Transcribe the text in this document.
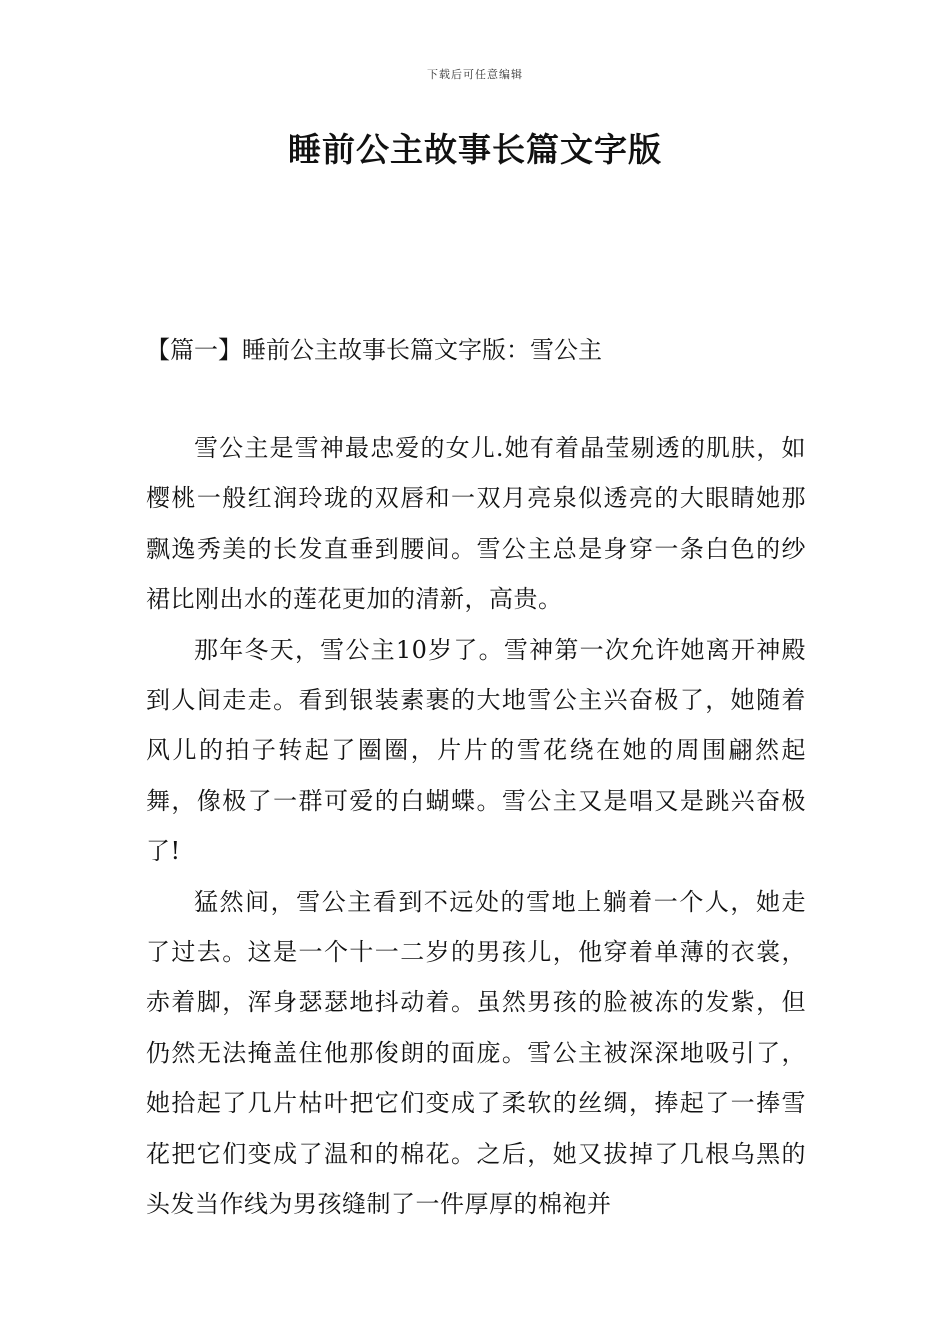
下载后可任意编辑
睡前公主故事长篇文字版

【篇一】睡前公主故事长篇文字版：雪公主

雪公主是雪神最忠爱的女儿.她有着晶莹剔透的肌肤，如樱桃一般红润玲珑的双唇和一双月亮泉似透亮的大眼睛她那飘逸秀美的长发直垂到腰间。雪公主总是身穿一条白色的纱裙比刚出水的莲花更加的清新，高贵。

那年冬天，雪公主10岁了。雪神第一次允许她离开神殿到人间走走。看到银装素裹的大地雪公主兴奋极了，她随着风儿的拍子转起了圈圈，片片的雪花绕在她的周围翩然起舞，像极了一群可爱的白蝴蝶。雪公主又是唱又是跳兴奋极了!

猛然间，雪公主看到不远处的雪地上躺着一个人，她走了过去。这是一个十一二岁的男孩儿，他穿着单薄的衣裳，赤着脚，浑身瑟瑟地抖动着。虽然男孩的脸被冻的发紫，但仍然无法掩盖住他那俊朗的面庞。雪公主被深深地吸引了，她拾起了几片枯叶把它们变成了柔软的丝绸，捧起了一捧雪花把它们变成了温和的棉花。之后，她又拔掉了几根乌黑的头发当作线为男孩缝制了一件厚厚的棉袍并
